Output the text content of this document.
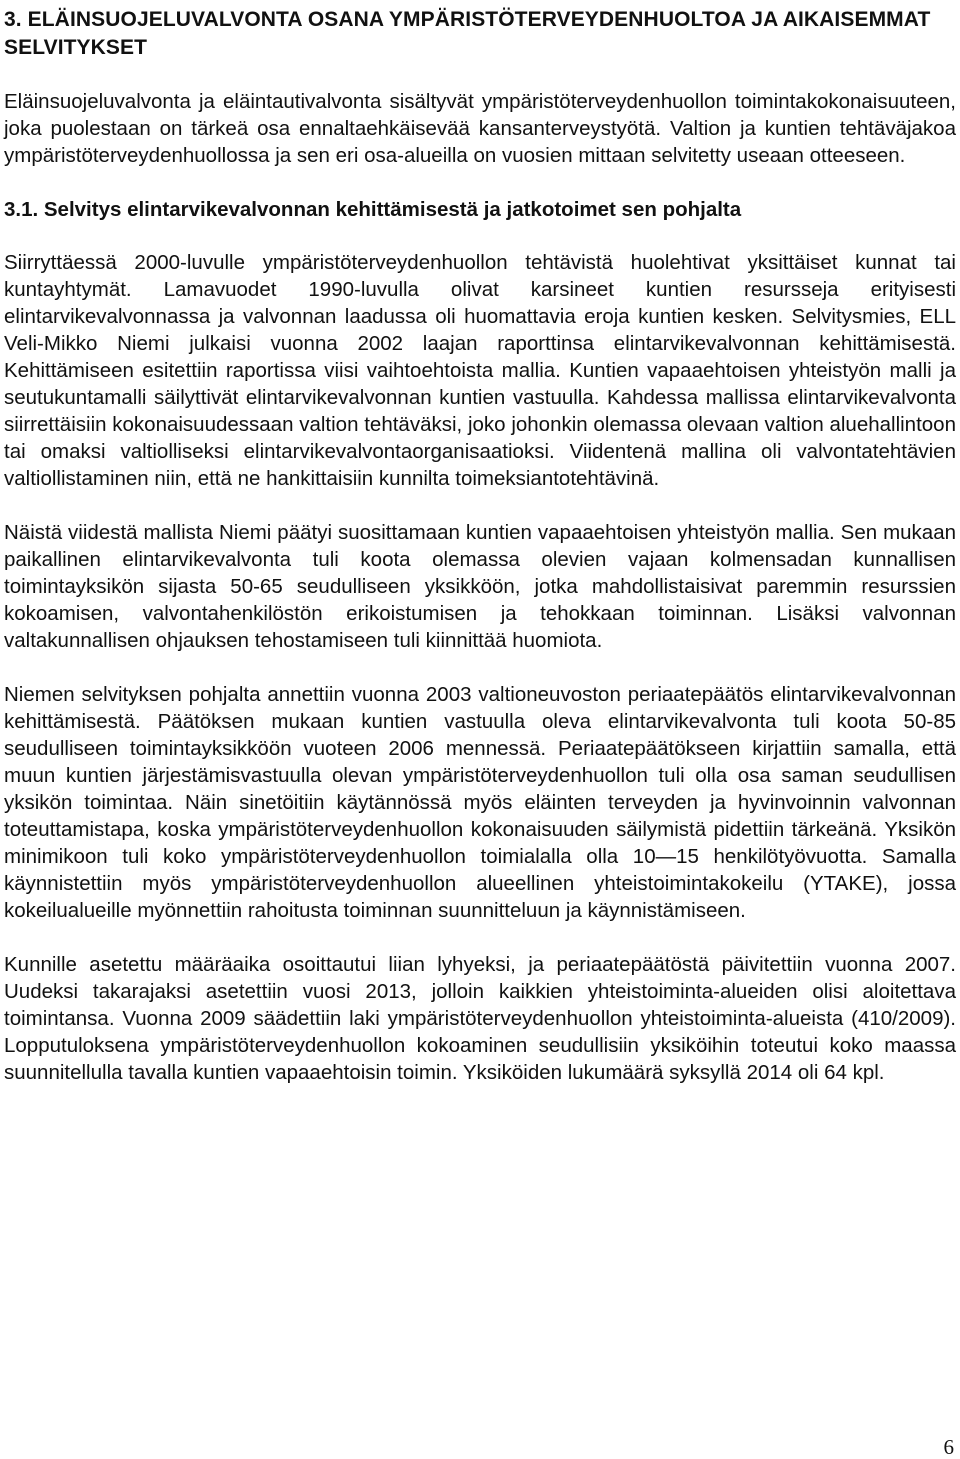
3. ELÄINSUOJELUVALVONTA OSANA YMPÄRISTÖTERVEYDENHUOLTOA JA AIKAISEMMAT SELVITYKSET

Eläinsuojeluvalvonta ja eläintautivalvonta sisältyvät ympäristöterveydenhuollon toimintakokonaisuuteen, joka puolestaan on tärkeä osa ennaltaehkäisevää kansanterveystyötä. Valtion ja kuntien tehtäväjakoa ympäristöterveydenhuollossa ja sen eri osa-alueilla on vuosien mittaan selvitetty useaan otteeseen.

3.1. Selvitys elintarvikevalvonnan kehittämisestä ja jatkotoimet sen pohjalta

Siirryttäessä 2000-luvulle ympäristöterveydenhuollon tehtävistä huolehtivat yksittäiset kunnat tai kuntayhtymät. Lamavuodet 1990-luvulla olivat karsineet kuntien resursseja erityisesti elintarvikevalvonnassa ja valvonnan laadussa oli huomattavia eroja kuntien kesken. Selvitysmies, ELL Veli-Mikko Niemi julkaisi vuonna 2002 laajan raporttinsa elintarvikevalvonnan kehittämisestä. Kehittämiseen esitettiin raportissa viisi vaihtoehtoista mallia. Kuntien vapaaehtoisen yhteistyön malli ja seutukuntamalli säilyttivät elintarvikevalvonnan kuntien vastuulla. Kahdessa mallissa elintarvikevalvonta siirrettäisiin kokonaisuudessaan valtion tehtäväksi, joko johonkin olemassa olevaan valtion aluehallintoon tai omaksi valtiolliseksi elintarvikevalvontaorganisaatioksi. Viidentenä mallina oli valvontatehtävien valtiollistaminen niin, että ne hankittaisiin kunnilta toimeksiantotehtävinä.

Näistä viidestä mallista Niemi päätyi suosittamaan kuntien vapaaehtoisen yhteistyön mallia. Sen mukaan paikallinen elintarvikevalvonta tuli koota olemassa olevien vajaan kolmensadan kunnallisen toimintayksikön sijasta 50-65 seudulliseen yksikköön, jotka mahdollistaisivat paremmin resurssien kokoamisen, valvontahenkilöstön erikoistumisen ja tehokkaan toiminnan. Lisäksi valvonnan valtakunnallisen ohjauksen tehostamiseen tuli kiinnittää huomiota.

Niemen selvityksen pohjalta annettiin vuonna 2003 valtioneuvoston periaatepäätös elintarvikevalvonnan kehittämisestä. Päätöksen mukaan kuntien vastuulla oleva elintarvikevalvonta tuli koota 50-85 seudulliseen toimintayksikköön vuoteen 2006 mennessä. Periaatepäätökseen kirjattiin samalla, että muun kuntien järjestämisvastuulla olevan ympäristöterveydenhuollon tuli olla osa saman seudullisen yksikön toimintaa. Näin sinetöitiin käytännössä myös eläinten terveyden ja hyvinvoinnin valvonnan toteuttamistapa, koska ympäristöterveydenhuollon kokonaisuuden säilymistä pidettiin tärkeänä. Yksikön minimikoon tuli koko ympäristöterveydenhuollon toimialalla olla 10—15 henkilötyövuotta. Samalla käynnistettiin myös ympäristöterveydenhuollon alueellinen yhteistoimintakokeilu (YTAKE), jossa kokeilualueille myönnettiin rahoitusta toiminnan suunnitteluun ja käynnistämiseen.

Kunnille asetettu määräaika osoittautui liian lyhyeksi, ja periaatepäätöstä päivitettiin vuonna 2007. Uudeksi takarajaksi asetettiin vuosi 2013, jolloin kaikkien yhteistoiminta-alueiden olisi aloitettava toimintansa. Vuonna 2009 säädettiin laki ympäristöterveydenhuollon yhteistoiminta-alueista (410/2009). Lopputuloksena ympäristöterveydenhuollon kokoaminen seudullisiin yksiköihin toteutui koko maassa suunnitellulla tavalla kuntien vapaaehtoisin toimin. Yksiköiden lukumäärä syksyllä 2014 oli 64 kpl.

6
